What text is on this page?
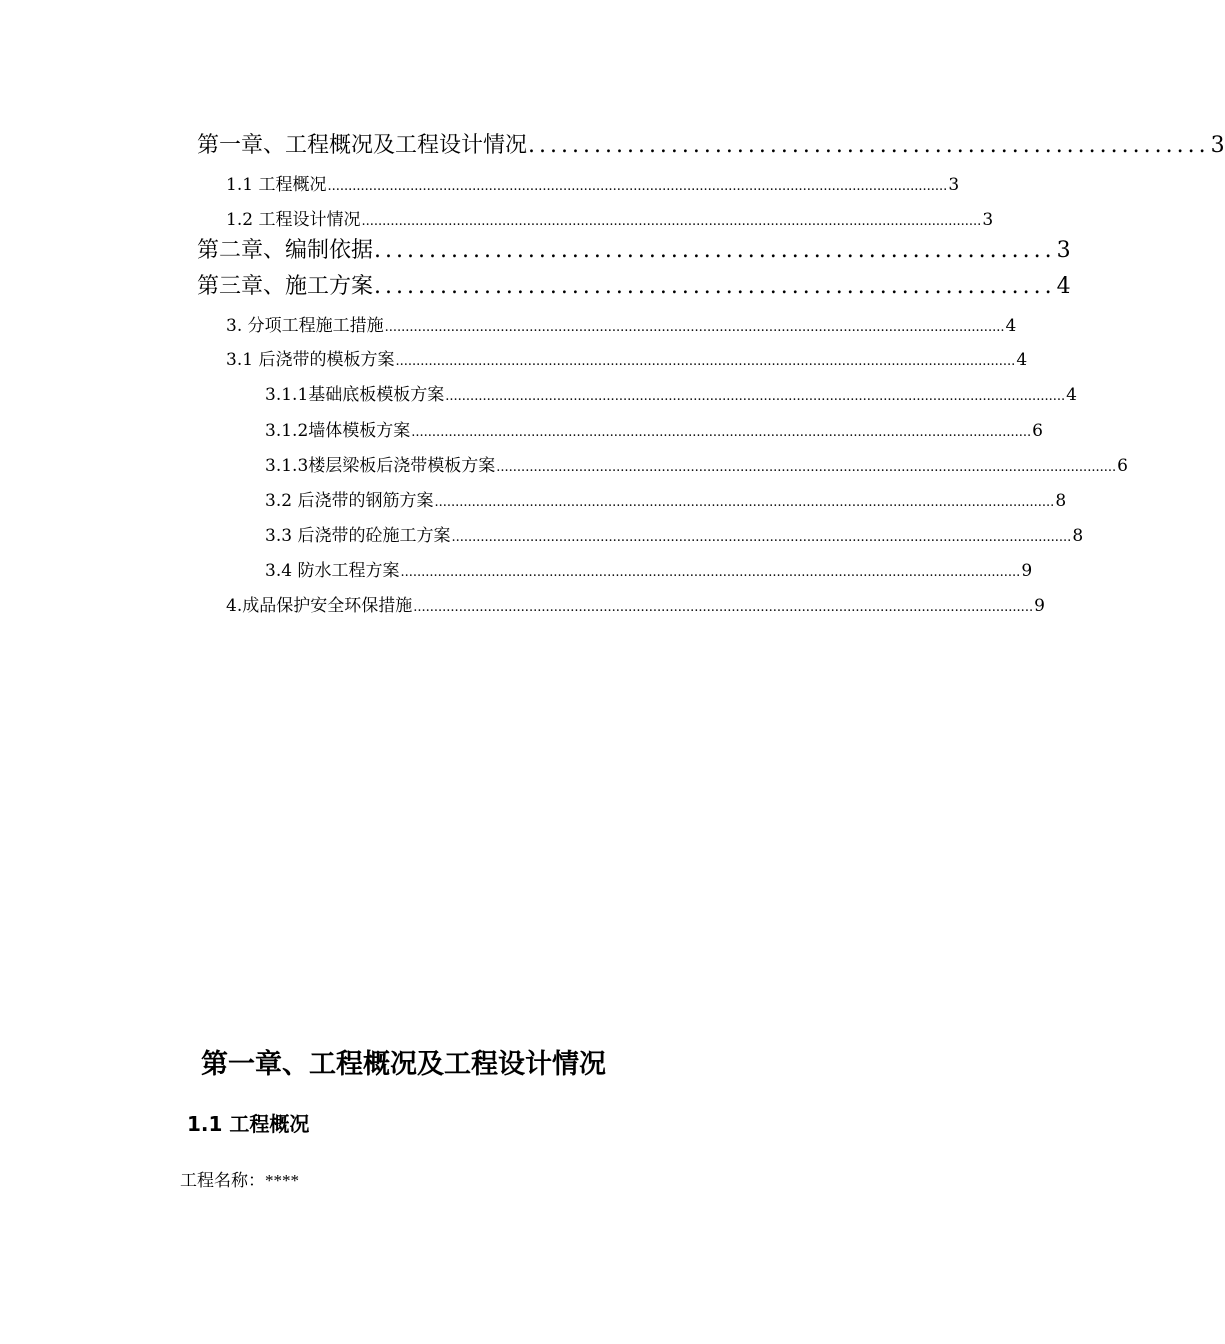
第一章、工程概况及工程设计情况 .............................................................. 3
1.1 工程概况 ...................................................................................................................................................... 3
1.2 工程设计情况 ...................................................................................................................................................... 3
第二章、编制依据 .............................................................. 3
第三章、施工方案 .............................................................. 4
3. 分项工程施工措施 ...................................................................................................................................................... 4
3.1 后浇带的模板方案 ...................................................................................................................................................... 4
3.1.1基础底板模板方案 ...................................................................................................................................................... 4
3.1.2墙体模板方案 ...................................................................................................................................................... 6
3.1.3楼层梁板后浇带模板方案 ...................................................................................................................................................... 6
3.2 后浇带的钢筋方案 ...................................................................................................................................................... 8
3.3 后浇带的砼施工方案 ...................................................................................................................................................... 8
3.4 防水工程方案 ...................................................................................................................................................... 9
4.成品保护安全环保措施 ...................................................................................................................................................... 9
第一章、工程概况及工程设计情况
1.1 工程概况
工程名称：****
